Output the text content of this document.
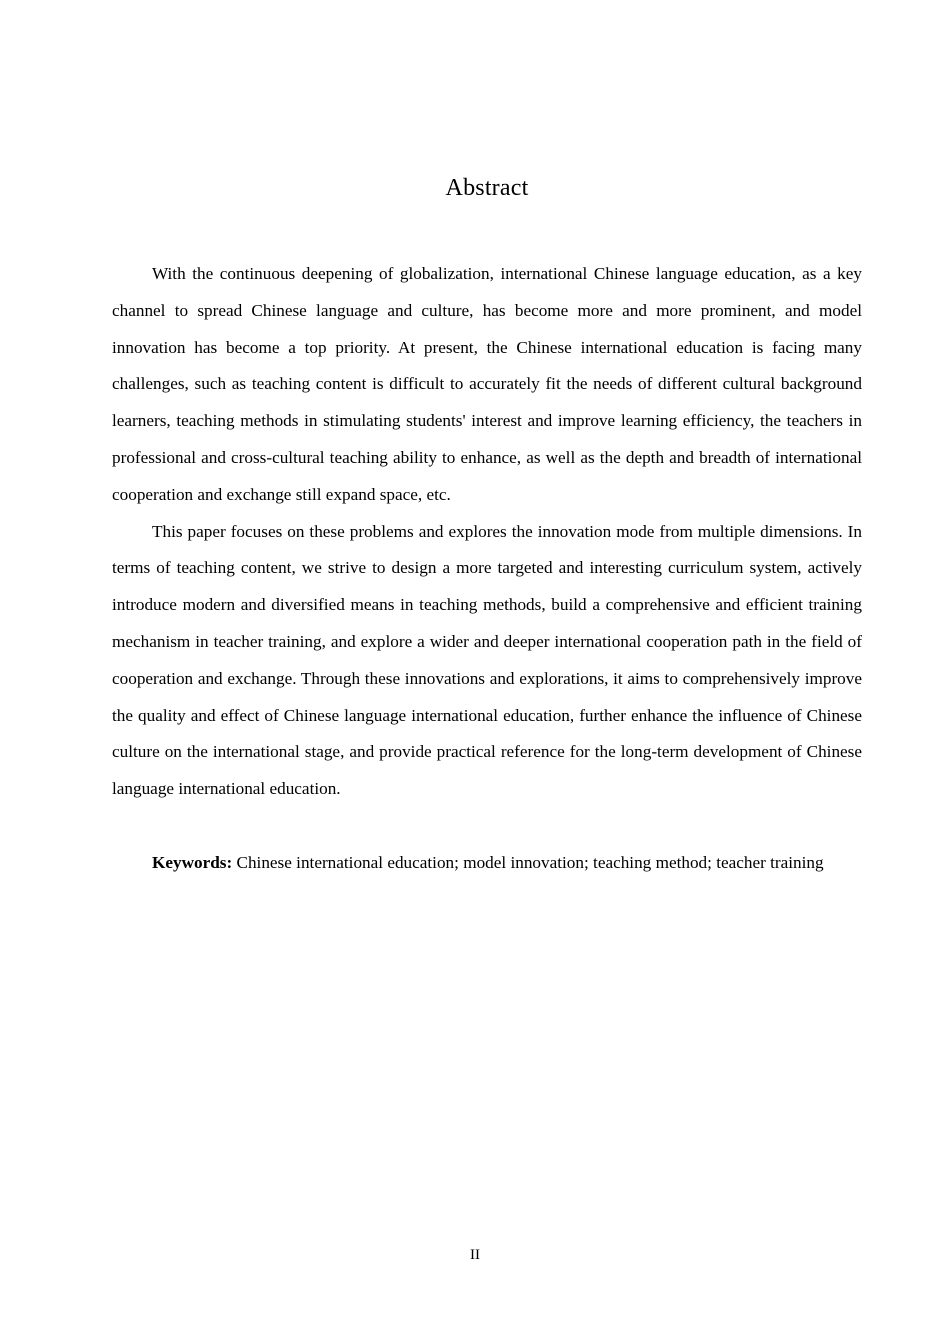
Abstract

With the continuous deepening of globalization, international Chinese language education, as a key channel to spread Chinese language and culture, has become more and more prominent, and model innovation has become a top priority. At present, the Chinese international education is facing many challenges, such as teaching content is difficult to accurately fit the needs of different cultural background learners, teaching methods in stimulating students' interest and improve learning efficiency, the teachers in professional and cross-cultural teaching ability to enhance, as well as the depth and breadth of international cooperation and exchange still expand space, etc.

This paper focuses on these problems and explores the innovation mode from multiple dimensions. In terms of teaching content, we strive to design a more targeted and interesting curriculum system, actively introduce modern and diversified means in teaching methods, build a comprehensive and efficient training mechanism in teacher training, and explore a wider and deeper international cooperation path in the field of cooperation and exchange. Through these innovations and explorations, it aims to comprehensively improve the quality and effect of Chinese language international education, further enhance the influence of Chinese culture on the international stage, and provide practical reference for the long-term development of Chinese language international education.

Keywords: Chinese international education; model innovation; teaching method; teacher training

II
